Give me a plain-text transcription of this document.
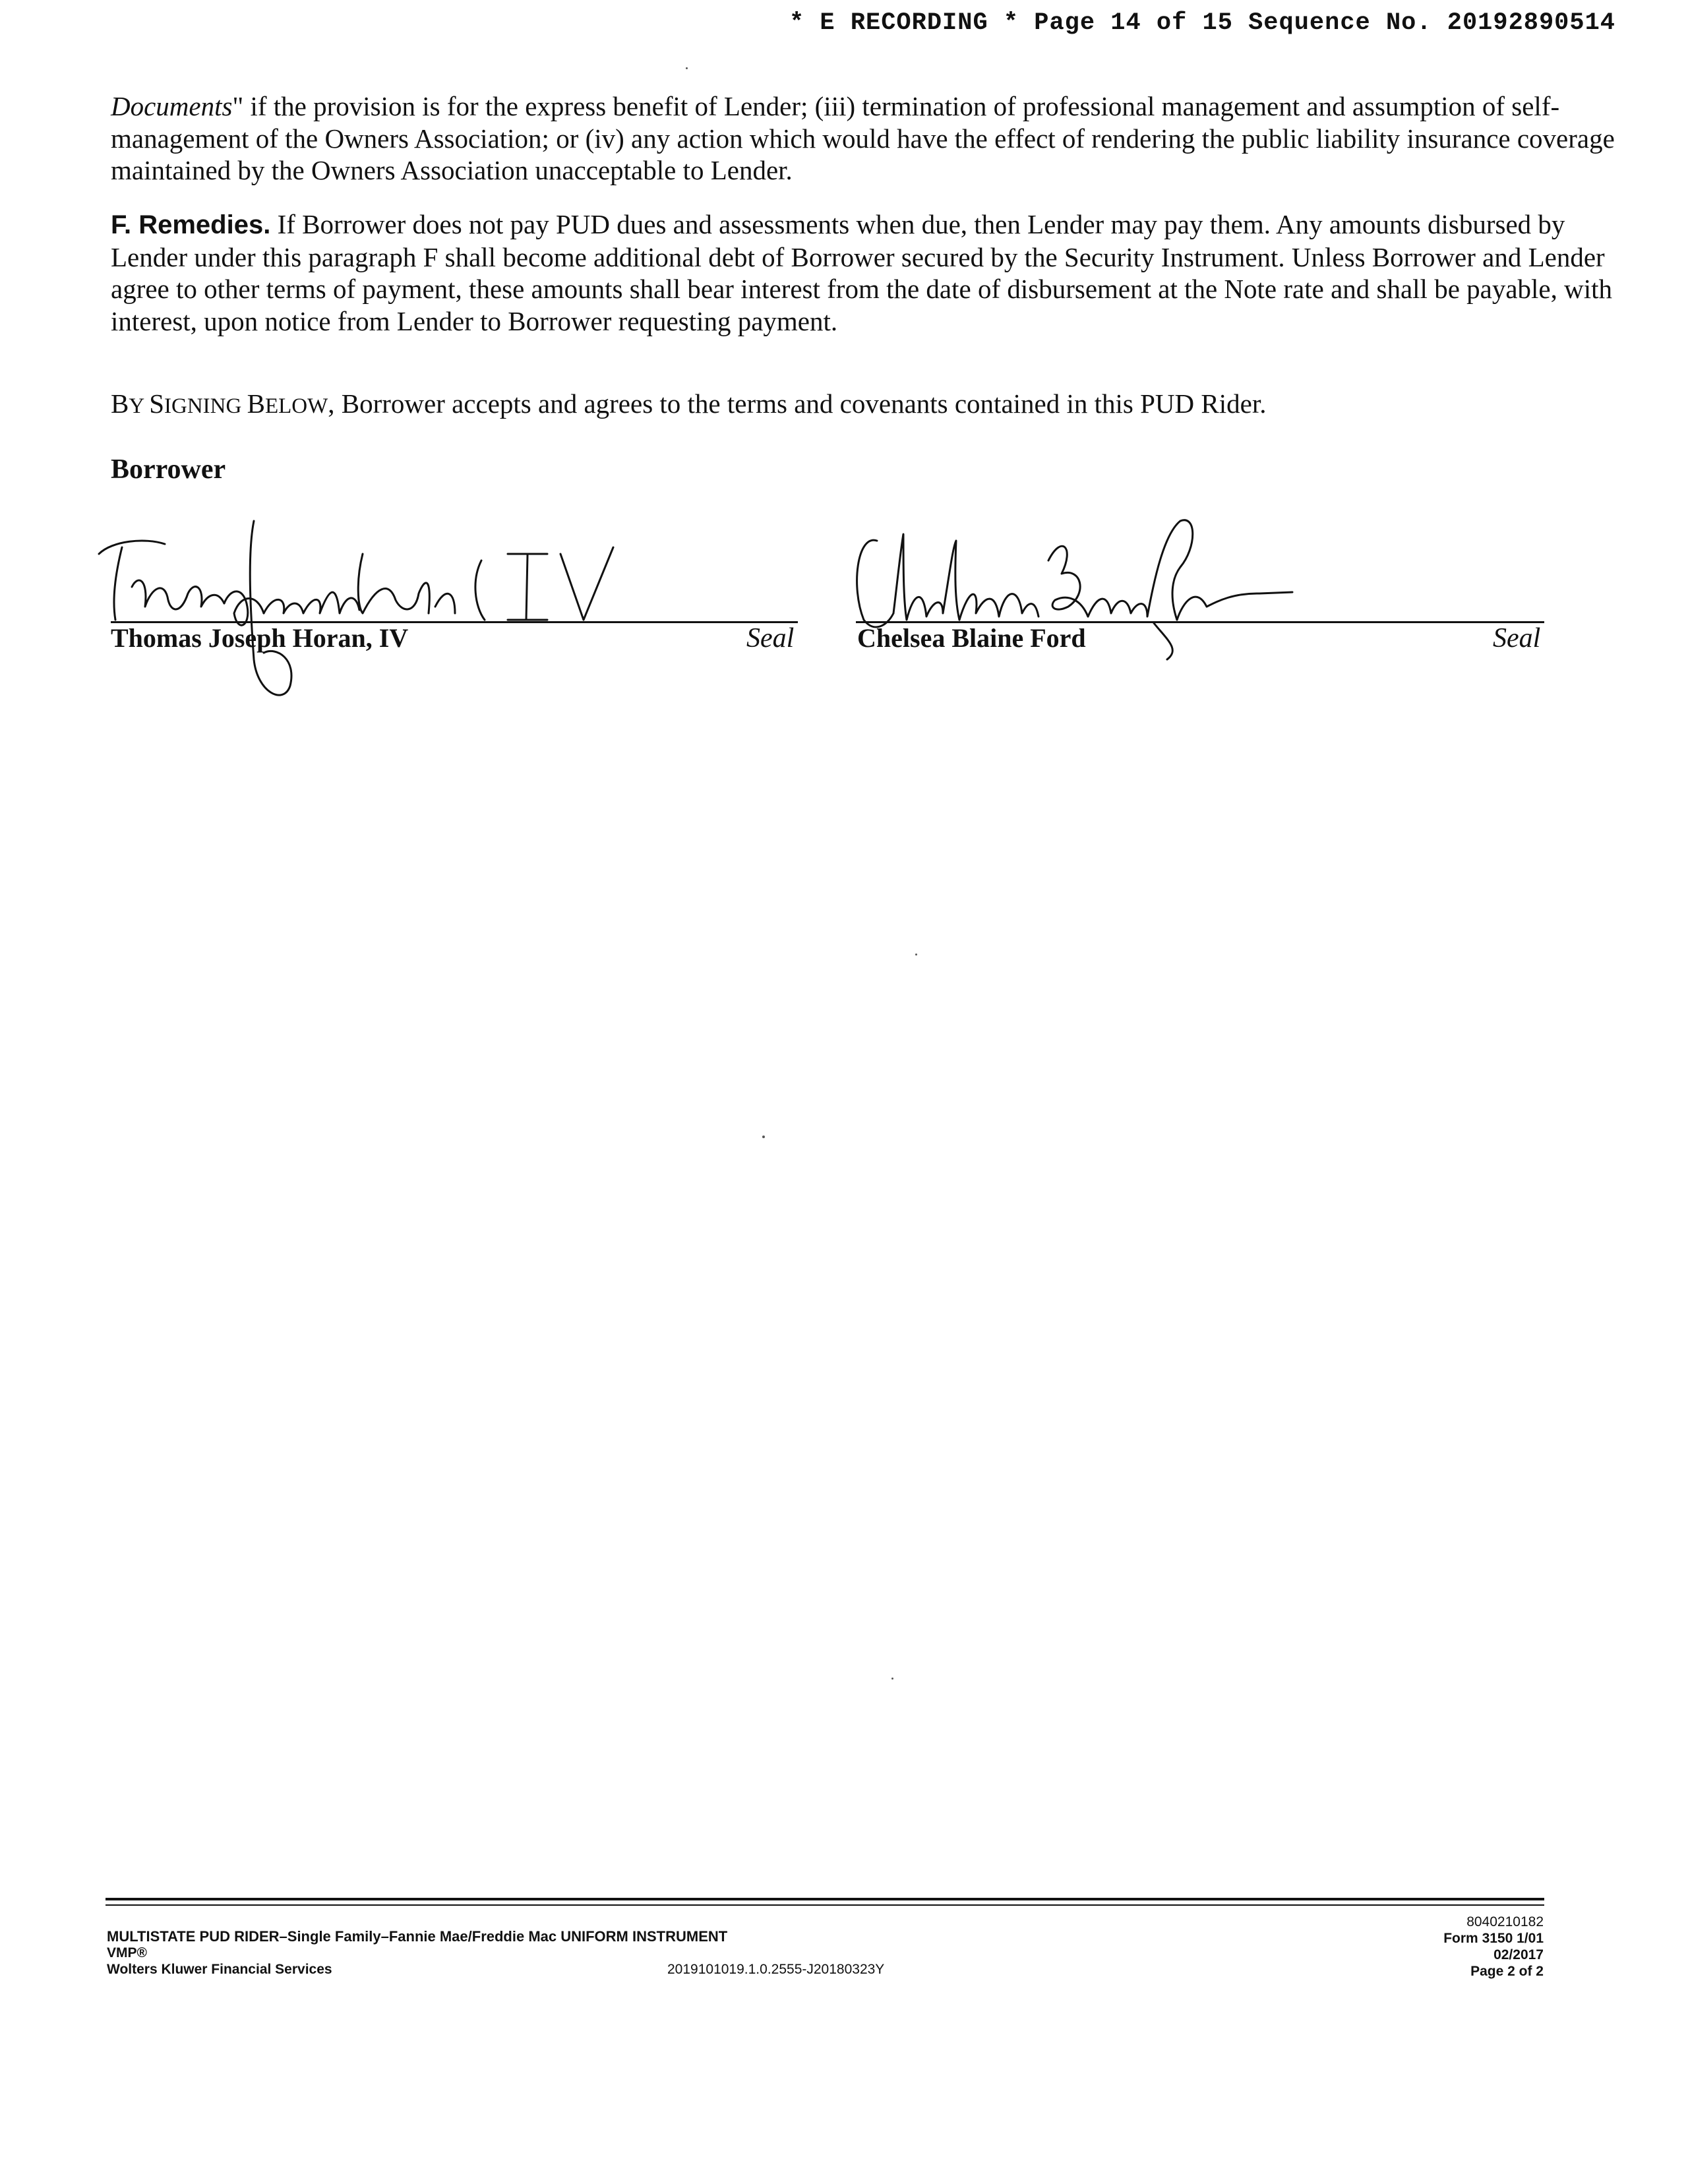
* E RECORDING * Page 14 of 15 Sequence No. 20192890514
Documents" if the provision is for the express benefit of Lender; (iii) termination of professional management and assumption of self-management of the Owners Association; or (iv) any action which would have the effect of rendering the public liability insurance coverage maintained by the Owners Association unacceptable to Lender.
F. Remedies. If Borrower does not pay PUD dues and assessments when due, then Lender may pay them. Any amounts disbursed by Lender under this paragraph F shall become additional debt of Borrower secured by the Security Instrument. Unless Borrower and Lender agree to other terms of payment, these amounts shall bear interest from the date of disbursement at the Note rate and shall be payable, with interest, upon notice from Lender to Borrower requesting payment.
BY SIGNING BELOW, Borrower accepts and agrees to the terms and covenants contained in this PUD Rider.
Borrower
Thomas Joseph Horan, IV	Seal Chelsea Blaine Ford	Seal
MULTISTATE PUD RIDER–Single Family–Fannie Mae/Freddie Mac UNIFORM INSTRUMENT
VMP®
Wolters Kluwer Financial Services	2019101019.1.0.2555-J20180323Y
8040210182
Form 3150 1/01
02/2017
Page 2 of 2
